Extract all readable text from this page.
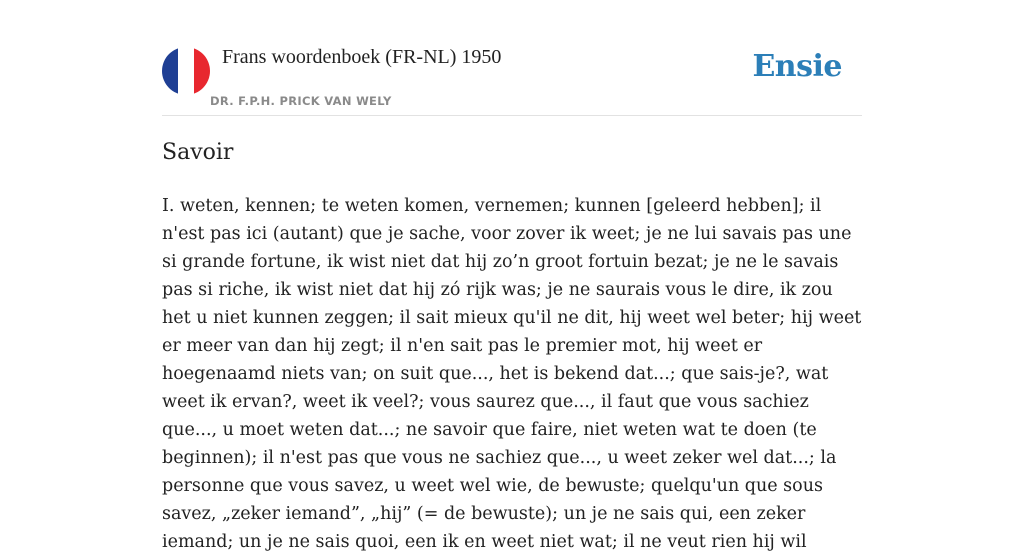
Frans woordenboek (FR-NL) 1950
DR. F.P.H. PRICK VAN WELY
Ensie
Savoir

I. weten, kennen; te weten komen, vernemen; kunnen [geleerd hebben]; il n'est pas ici (autant) que je sache, voor zover ik weet; je ne lui savais pas une si grande fortune, ik wist niet dat hij zo’n groot fortuin bezat; je ne le savais pas si riche, ik wist niet dat hij zó rijk was; je ne saurais vous le dire, ik zou het u niet kunnen zeggen; il sait mieux qu'il ne dit, hij weet wel beter; hij weet er meer van dan hij zegt; il n'en sait pas le premier mot, hij weet er hoegenaamd niets van; on suit que..., het is bekend dat...; que sais-je?, wat weet ik ervan?, weet ik veel?; vous saurez que..., il faut que vous sachiez que..., u moet weten dat...; ne savoir que faire, niet weten wat te doen (te beginnen); il n'est pas que vous ne sachiez que..., u weet zeker wel dat...; la personne que vous savez, u weet wel wie, de bewuste; quelqu'un que sous savez, „zeker iemand”, „hij” (= de bewuste); un je ne sais qui, een zeker iemand; un je ne sais quoi, een ik en weet niet wat; il ne veut rien hij wil
